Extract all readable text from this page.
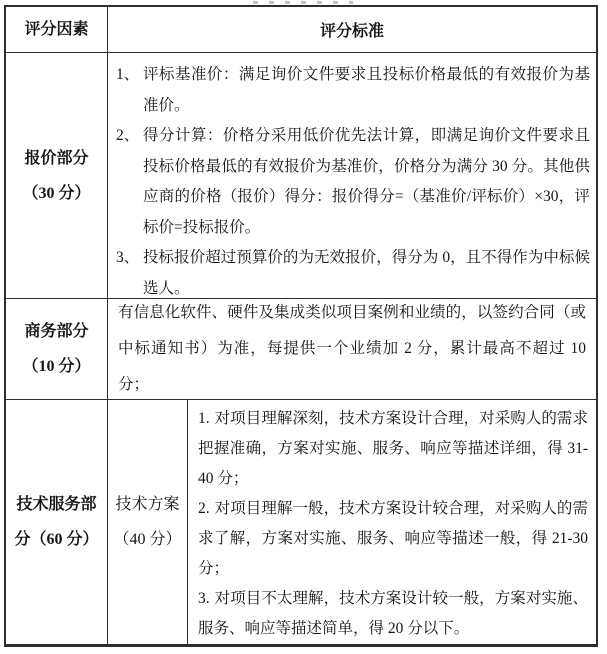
评分因素	评分标准
报价部分
（30 分）

1、 评标基准价：满足询价文件要求且投标价格最低的有效报价为基准价。

2、 得分计算：价格分采用低价优先法计算，即满足询价文件要求且投标价格最低的有效报价为基准价，价格分为满分 30 分。其他供应商的价格（报价）得分：报价得分=（基准价/评标价）×30，评标价=投标报价。

3、 投标报价超过预算价的为无效报价，得分为 0，且不得作为中标候选人。

商务部分
（10 分）

有信息化软件、硬件及集成类似项目案例和业绩的，以签约合同（或中标通知书）为准，每提供一个业绩加 2 分，累计最高不超过 10 分；

技术服务部
分（60 分）
技术方案
（40 分）

1. 对项目理解深刻，技术方案设计合理，对采购人的需求把握准确，方案对实施、服务、响应等描述详细，得 31-40 分；

2. 对项目理解一般，技术方案设计较合理，对采购人的需求了解，方案对实施、服务、响应等描述一般，得 21-30 分；

3. 对项目不太理解，技术方案设计较一般，方案对实施、服务、响应等描述简单，得 20 分以下。
